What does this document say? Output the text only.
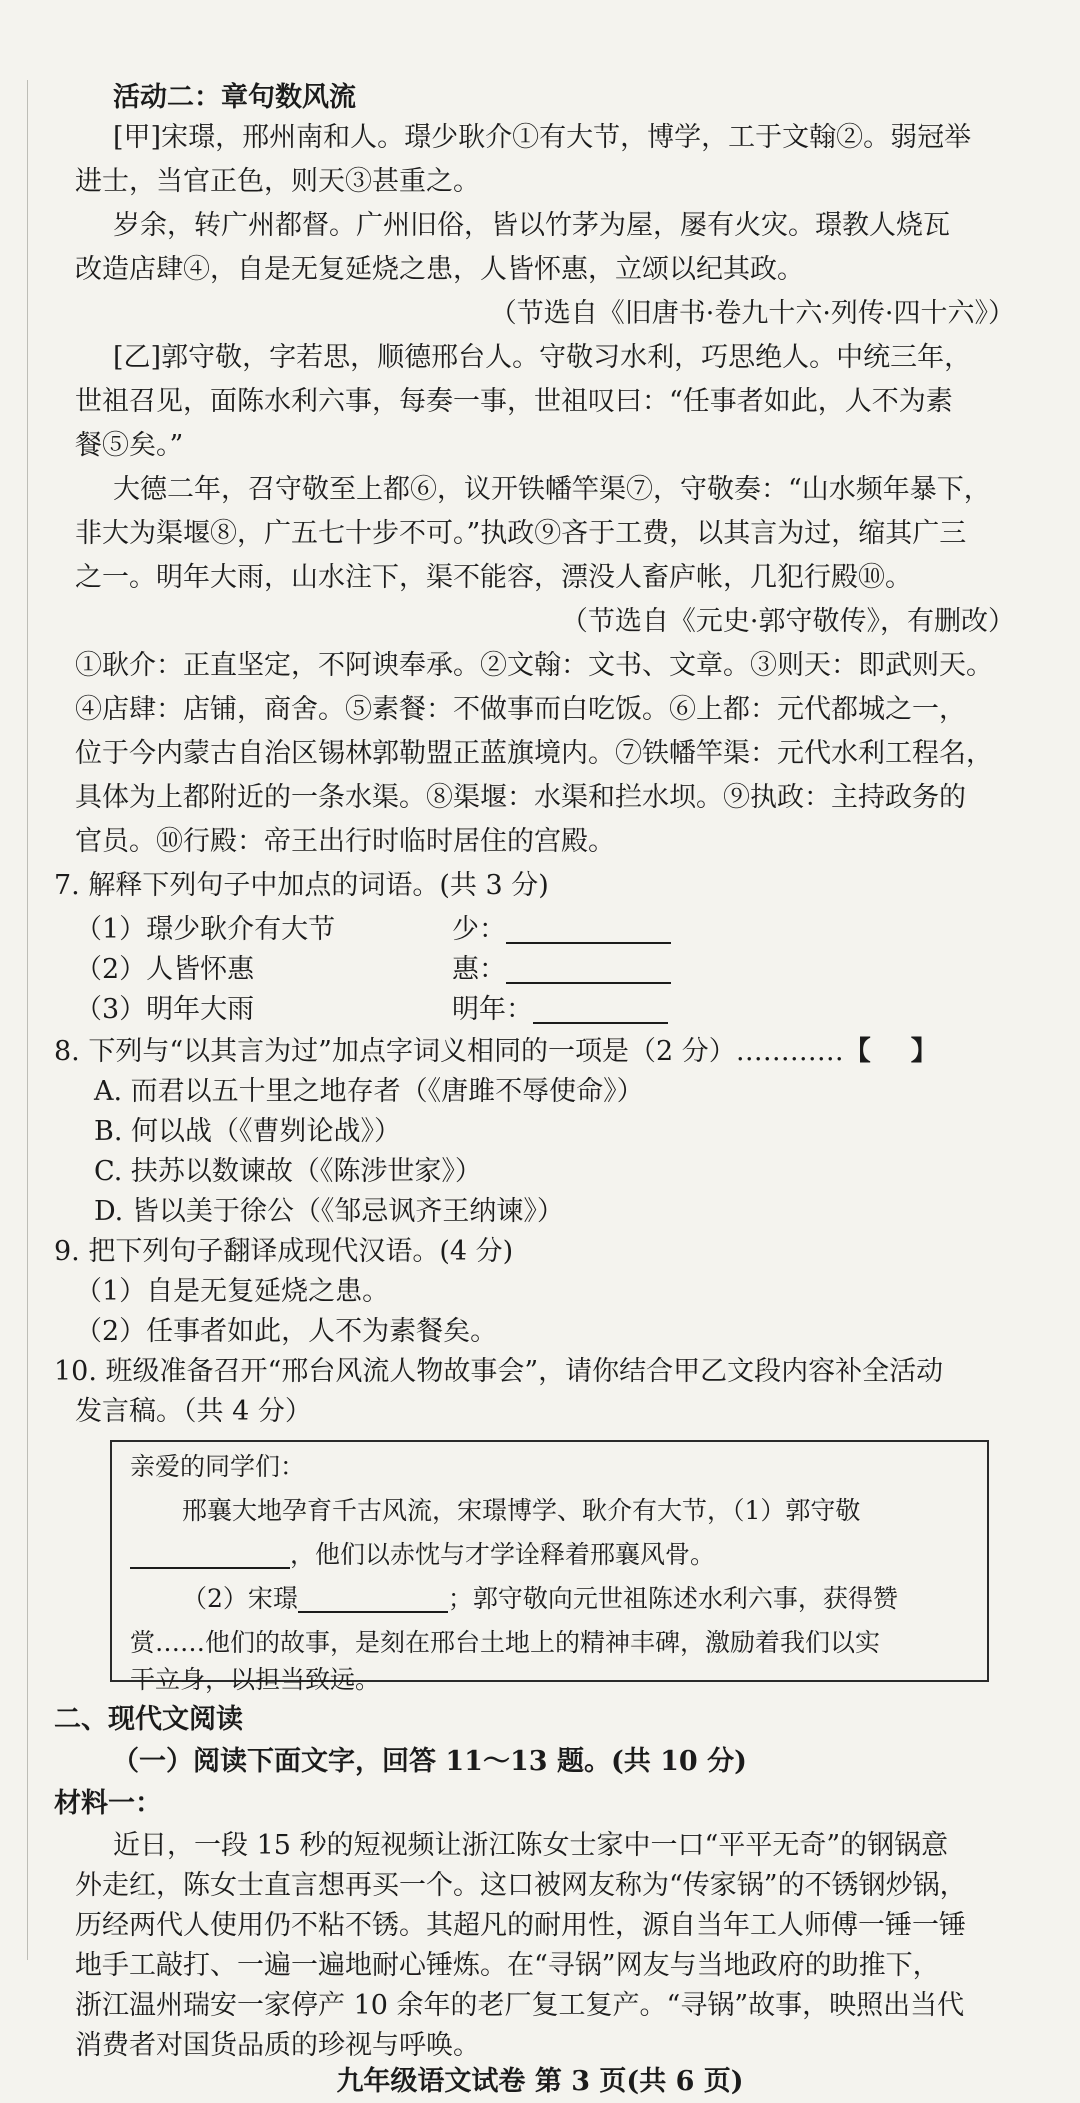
活动二：章句数风流
[甲]宋璟，邢州南和人。璟少耿介①有大节，博学，工于文翰②。弱冠举
进士，当官正色，则天③甚重之。
岁余，转广州都督。广州旧俗，皆以竹茅为屋，屡有火灾。璟教人烧瓦
改造店肆④，自是无复延烧之患，人皆怀惠，立颂以纪其政。
（节选自《旧唐书·卷九十六·列传·四十六》）
[乙]郭守敬，字若思，顺德邢台人。守敬习水利，巧思绝人。中统三年，
世祖召见，面陈水利六事，每奏一事，世祖叹曰：“任事者如此，人不为素
餐⑤矣。”
大德二年，召守敬至上都⑥，议开铁幡竿渠⑦，守敬奏：“山水频年暴下，
非大为渠堰⑧，广五七十步不可。”执政⑨吝于工费，以其言为过，缩其广三
之一。明年大雨，山水注下，渠不能容，漂没人畜庐帐，几犯行殿⑩。
（节选自《元史·郭守敬传》，有删改）
①耿介：正直坚定，不阿谀奉承。②文翰：文书、文章。③则天：即武则天。
④店肆：店铺，商舍。⑤素餐：不做事而白吃饭。⑥上都：元代都城之一，
位于今内蒙古自治区锡林郭勒盟正蓝旗境内。⑦铁幡竿渠：元代水利工程名，
具体为上都附近的一条水渠。⑧渠堰：水渠和拦水坝。⑨执政：主持政务的
官员。⑩行殿：帝王出行时临时居住的宫殿。
7. 解释下列句子中加点的词语。(共 3 分)
（1）璟少耿介有大节	少：
（2）人皆怀惠	惠：
（3）明年大雨	明年：
8. 下列与“以其言为过”加点字词义相同的一项是（2 分）…………【】
A. 而君以五十里之地存者（《唐雎不辱使命》）
B. 何以战（《曹刿论战》）
C. 扶苏以数谏故（《陈涉世家》）
D. 皆以美于徐公（《邹忌讽齐王纳谏》）
9. 把下列句子翻译成现代汉语。(4 分)
（1）自是无复延烧之患。
（2）任事者如此，人不为素餐矣。
10. 班级准备召开“邢台风流人物故事会”，请你结合甲乙文段内容补全活动
发言稿。（共 4 分）
亲爱的同学们：
邢襄大地孕育千古风流，宋璟博学、耿介有大节，（1）郭守敬
，他们以赤忱与才学诠释着邢襄风骨。
（2）宋璟	；郭守敬向元世祖陈述水利六事，获得赞
赏……他们的故事，是刻在邢台土地上的精神丰碑，激励着我们以实
干立身，以担当致远。
二、现代文阅读
（一）阅读下面文字，回答 11～13 题。(共 10 分)
材料一：
近日，一段 15 秒的短视频让浙江陈女士家中一口“平平无奇”的钢锅意
外走红，陈女士直言想再买一个。这口被网友称为“传家锅”的不锈钢炒锅，
历经两代人使用仍不粘不锈。其超凡的耐用性，源自当年工人师傅一锤一锤
地手工敲打、一遍一遍地耐心锤炼。在“寻锅”网友与当地政府的助推下，
浙江温州瑞安一家停产 10 余年的老厂复工复产。“寻锅”故事，映照出当代
消费者对国货品质的珍视与呼唤。
九年级语文试卷 第 3 页(共 6 页)
